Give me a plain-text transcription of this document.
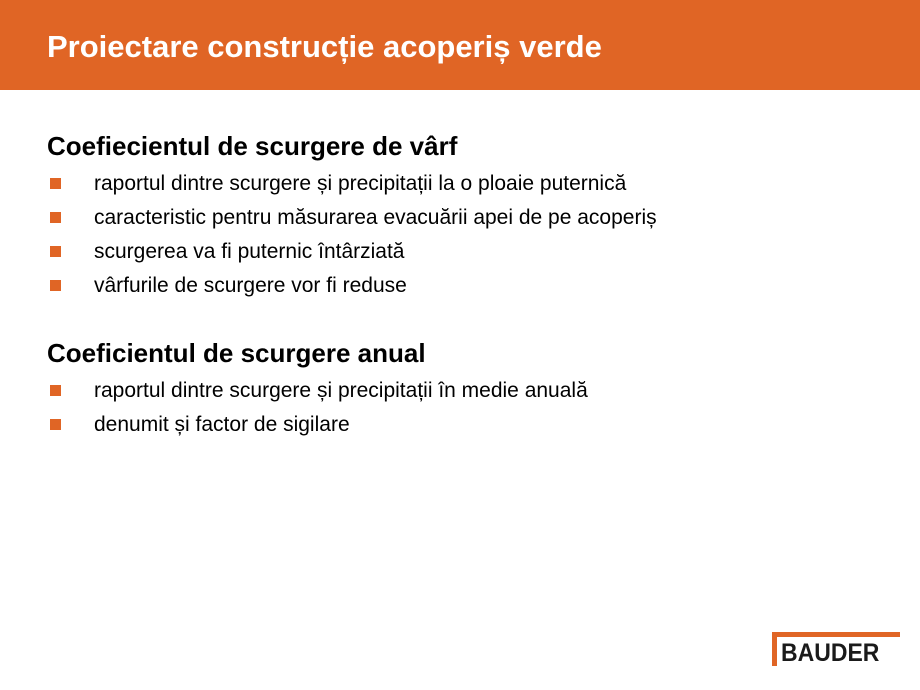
Proiectare construcție acoperiș verde
Coefiecientul de scurgere de vârf
raportul dintre scurgere și precipitații la o ploaie puternică
caracteristic pentru măsurarea evacuării apei de pe acoperiș
scurgerea va fi puternic întârziată
vârfurile de scurgere vor fi reduse
Coeficientul de scurgere anual
raportul dintre scurgere și precipitații în medie anuală
denumit și factor de sigilare
BAUDER
